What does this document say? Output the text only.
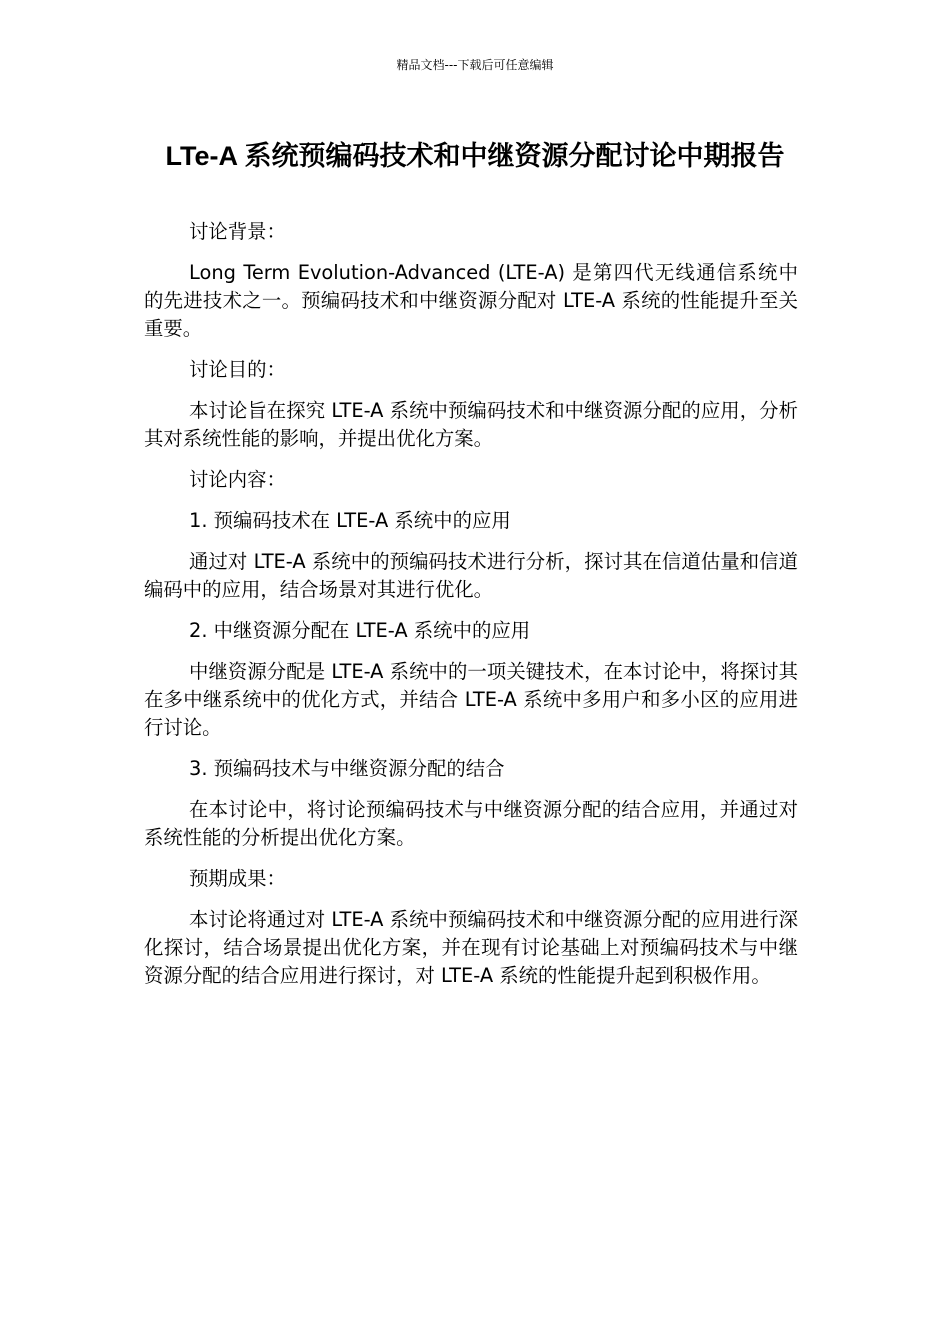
精品文档---下载后可任意编辑
LTe-A 系统预编码技术和中继资源分配讨论中期报告

讨论背景：

Long Term Evolution-Advanced (LTE-A) 是第四代无线通信系统中的先进技术之一。预编码技术和中继资源分配对 LTE-A 系统的性能提升至关重要。

讨论目的：

本讨论旨在探究 LTE-A 系统中预编码技术和中继资源分配的应用，分析其对系统性能的影响，并提出优化方案。

讨论内容：

1. 预编码技术在 LTE-A 系统中的应用

通过对 LTE-A 系统中的预编码技术进行分析，探讨其在信道估量和信道编码中的应用，结合场景对其进行优化。

2. 中继资源分配在 LTE-A 系统中的应用

中继资源分配是 LTE-A 系统中的一项关键技术，在本讨论中，将探讨其在多中继系统中的优化方式，并结合 LTE-A 系统中多用户和多小区的应用进行讨论。

3. 预编码技术与中继资源分配的结合

在本讨论中，将讨论预编码技术与中继资源分配的结合应用，并通过对系统性能的分析提出优化方案。

预期成果：

本讨论将通过对 LTE-A 系统中预编码技术和中继资源分配的应用进行深化探讨，结合场景提出优化方案，并在现有讨论基础上对预编码技术与中继资源分配的结合应用进行探讨，对 LTE-A 系统的性能提升起到积极作用。
